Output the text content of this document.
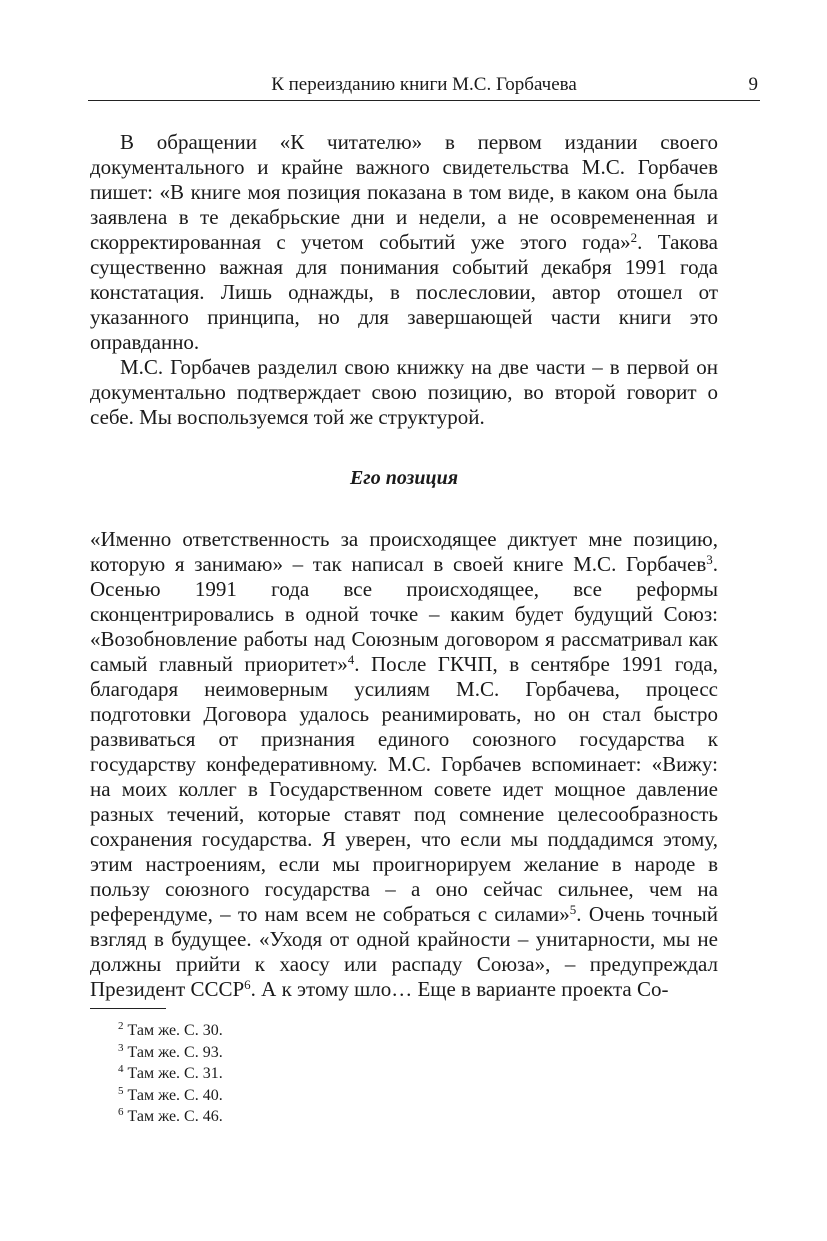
К переизданию книги М.С. Горбачева	9

В обращении «К читателю» в первом издании своего документального и крайне важного свидетельства М.С. Горбачев пишет: «В книге моя позиция показана в том виде, в каком она была заявлена в те декабрьские дни и недели, а не осовремененная и скорректированная с учетом событий уже этого года»$^2$. Такова существенно важная для понимания событий декабря 1991 года констатация. Лишь однажды, в послесловии, автор отошел от указанного принципа, но для завершающей части книги это оправданно.

М.С. Горбачев разделил свою книжку на две части – в первой он документально подтверждает свою позицию, во второй говорит о себе. Мы воспользуемся той же структурой.

Его позиция

«Именно ответственность за происходящее диктует мне позицию, которую я занимаю» – так написал в своей книге М.С. Горбачев$^3$. Осенью 1991 года все происходящее, все реформы сконцентрировались в одной точке – каким будет будущий Союз: «Возобновление работы над Союзным договором я рассматривал как самый главный приоритет»$^4$. После ГКЧП, в сентябре 1991 года, благодаря неимоверным усилиям М.С. Горбачева, процесс подготовки Договора удалось реанимировать, но он стал быстро развиваться от признания единого союзного государства к государству конфедеративному. М.С. Горбачев вспоминает: «Вижу: на моих коллег в Государственном совете идет мощное давление разных течений, которые ставят под сомнение целесообразность сохранения государства. Я уверен, что если мы поддадимся этому, этим настроениям, если мы проигнорируем желание в народе в пользу союзного государства – а оно сейчас сильнее, чем на референдуме, – то нам всем не собраться с силами»$^5$. Очень точный взгляд в будущее. «Уходя от одной крайности – унитарности, мы не должны прийти к хаосу или распаду Союза», – предупреждал Президент СССР$^6$. А к этому шло… Еще в варианте проекта Со-

$^2$ Там же. С. 30.
$^3$ Там же. С. 93.
$^4$ Там же. С. 31.
$^5$ Там же. С. 40.
$^6$ Там же. С. 46.
